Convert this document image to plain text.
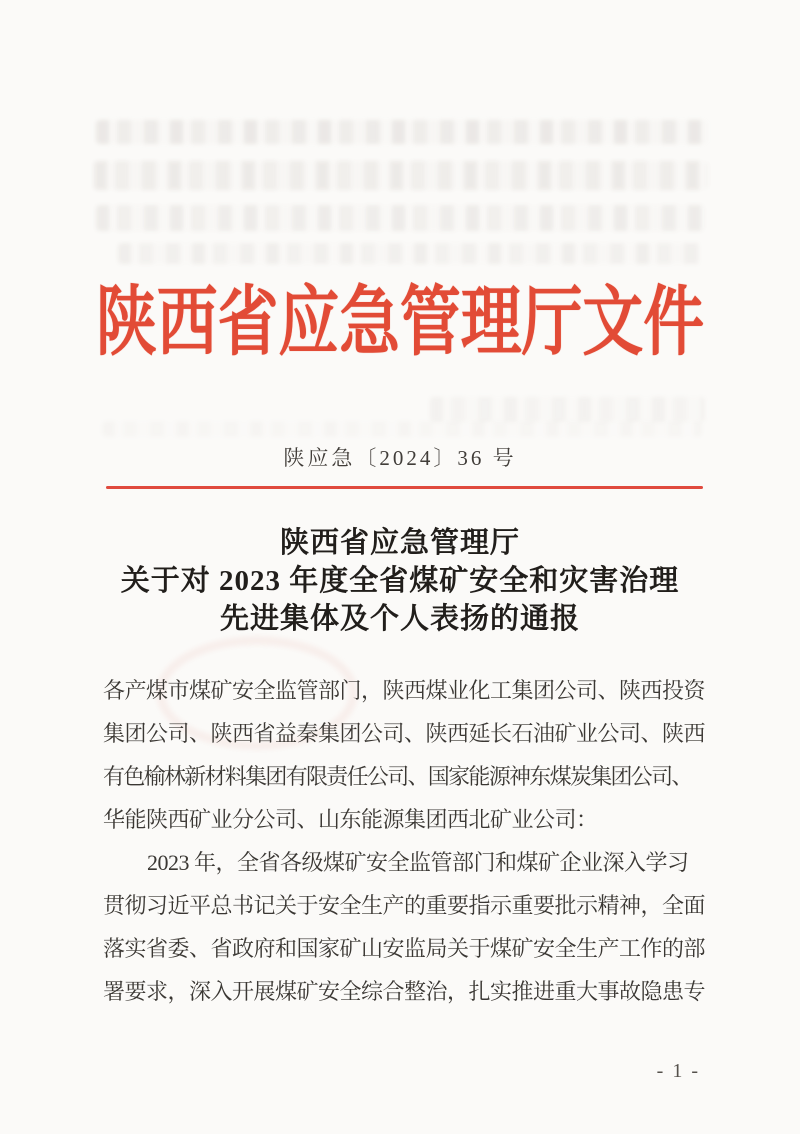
陕西省应急管理厅文件
陕应急〔2024〕36 号
陕西省应急管理厅
关于对 2023 年度全省煤矿安全和灾害治理
先进集体及个人表扬的通报
各产煤市煤矿安全监管部门，陕西煤业化工集团公司、陕西投资
集团公司、陕西省益秦集团公司、陕西延长石油矿业公司、陕西
有色榆林新材料集团有限责任公司、国家能源神东煤炭集团公司、
华能陕西矿业分公司、山东能源集团西北矿业公司：
2023 年，全省各级煤矿安全监管部门和煤矿企业深入学习
贯彻习近平总书记关于安全生产的重要指示重要批示精神，全面
落实省委、省政府和国家矿山安监局关于煤矿安全生产工作的部
署要求，深入开展煤矿安全综合整治，扎实推进重大事故隐患专
- 1 -
